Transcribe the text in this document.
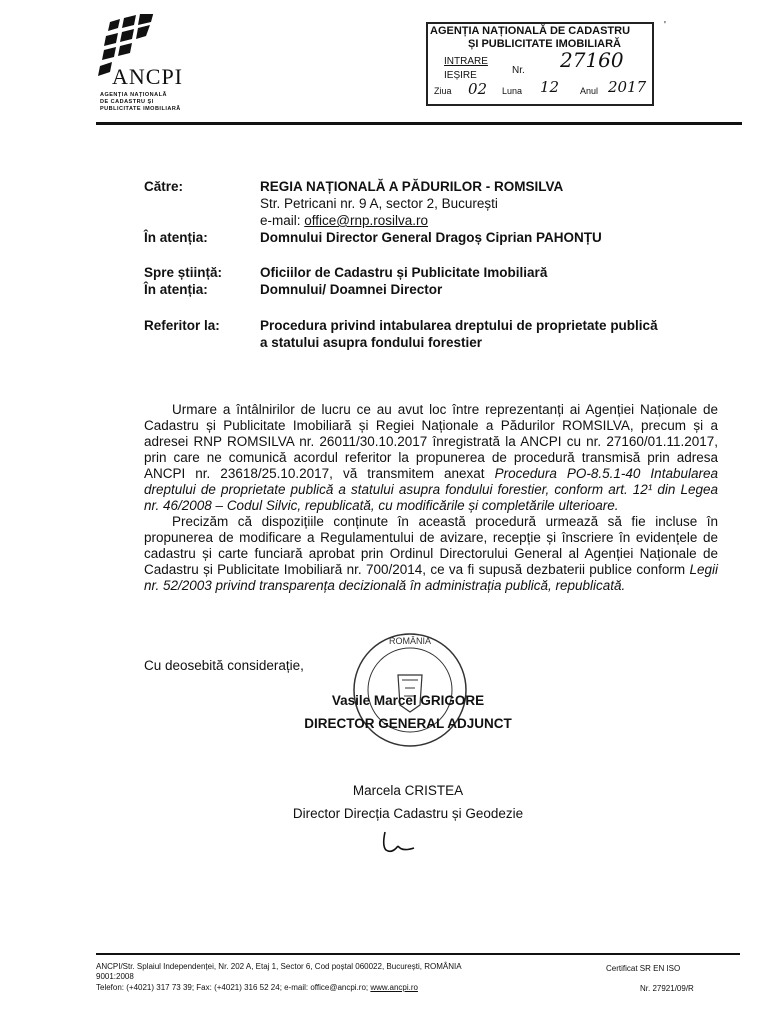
ANCPI
AGENȚIA NAȚIONALĂ
DE CADASTRU ȘI
PUBLICITATE IMOBILIARĂ
AGENȚIA NAȚIONALĂ DE CADASTRU
ȘI PUBLICITATE IMOBILIARĂ
INTRARE
IEȘIRE	Nr. 27160
Ziua 02 Luna 12 Anul 2017
'
Către:	REGIA NAȚIONALĂ A PĂDURILOR - ROMSILVA
Str. Petricani nr. 9 A, sector 2, București
e-mail: office@rnp.rosilva.ro
În atenția:	Domnului Director General Dragoș Ciprian PAHONȚU
Spre știință:	Oficiilor de Cadastru și Publicitate Imobiliară
În atenția:	Domnului/ Doamnei Director
Referitor la:	Procedura privind intabularea dreptului de proprietate publică
a statului asupra fondului forestier

Urmare a întâlnirilor de lucru ce au avut loc între reprezentanți ai Agenției Naționale de Cadastru și Publicitate Imobiliară și Regiei Naționale a Pădurilor ROMSILVA, precum și a adresei RNP ROMSILVA nr. 26011/30.10.2017 înregistrată la ANCPI cu nr. 27160/01.11.2017, prin care ne comunică acordul referitor la propunerea de procedură transmisă prin adresa ANCPI nr. 23618/25.10.2017, vă transmitem anexat Procedura PO-8.5.1-40 Intabularea dreptului de proprietate publică a statului asupra fondului forestier, conform art. 12¹ din Legea nr. 46/2008 – Codul Silvic, republicată, cu modificările și completările ulterioare.

Precizăm că dispozițiile conținute în această procedură urmează să fie incluse în propunerea de modificare a Regulamentului de avizare, recepție și înscriere în evidențele de cadastru și carte funciară aprobat prin Ordinul Directorului General al Agenției Naționale de Cadastru și Publicitate Imobiliară nr. 700/2014, ce va fi supusă dezbaterii publice conform Legii nr. 52/2003 privind transparența decizională în administrația publică, republicată.

Cu deosebită considerație,
ROMÂNIA
Vasile Marcel GRIGORE
DIRECTOR GENERAL ADJUNCT
Marcela CRISTEA
Director Direcția Cadastru și Geodezie
ANCPI/Str. Splaiul Independenței, Nr. 202 A, Etaj 1, Sector 6, Cod poștal 060022, București, ROMÂNIA
9001:2008
Telefon: (+4021) 317 73 39; Fax: (+4021) 316 52 24; e-mail: office@ancpi.ro; www.ancpi.ro
Certificat SR EN ISO
Nr. 27921/09/R
